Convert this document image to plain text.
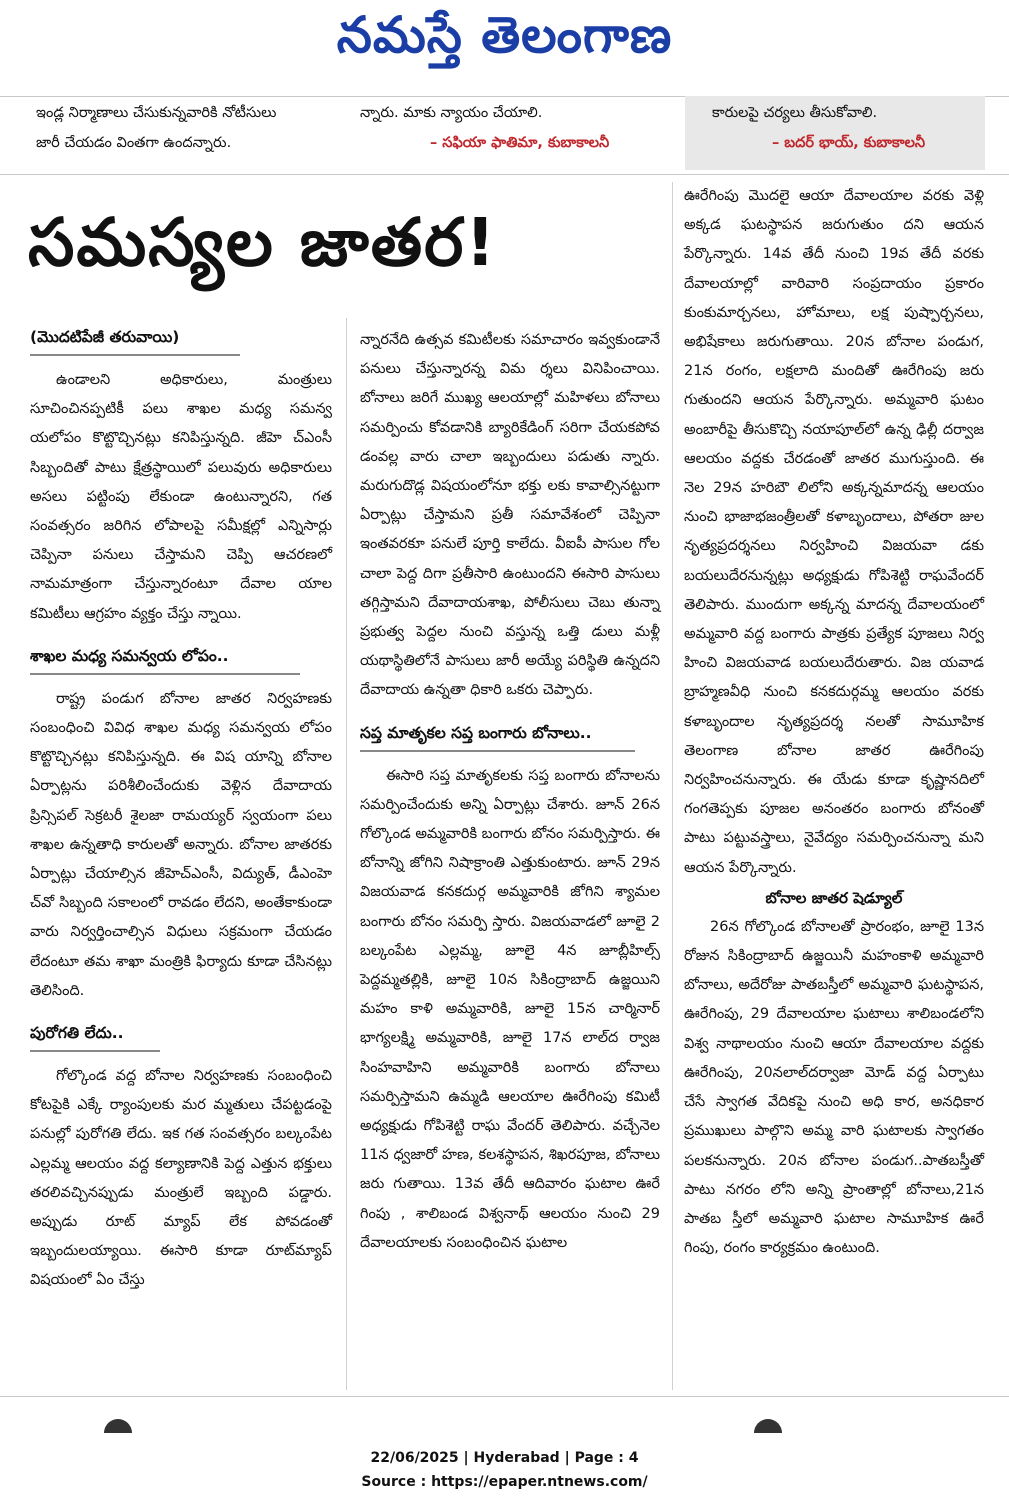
నమస్తే తెలంగాణ
ఇండ్ల నిర్మాణాలు చేసుకున్నవారికి నోటీసులు
జారీ చేయడం వింతగా ఉందన్నారు.
న్నారు. మాకు న్యాయం చేయాలి.
– సఫియా ఫాతిమా, కుబాకాలనీ
కారులపై చర్యలు తీసుకోవాలి.
– బదర్ భాయ్, కుబాకాలనీ
సమస్యల జాతర!
(మొదటిపేజీ తరువాయి)

ఉండాలని అధికారులు, మంత్రులు సూచించినప్పటికీ పలు శాఖల మధ్య సమన్వ యలోపం కొట్టొచ్చినట్లు కనిపిస్తున్నది. జీహె చ్ఎంసీ సిబ్బందితో పాటు క్షేత్రస్థాయిలో పలువురు అధికారులు అసలు పట్టింపు లేకుండా ఉంటున్నారని, గత సంవత్సరం జరిగిన లోపాలపై సమీక్షల్లో ఎన్నిసార్లు చెప్పినా పనులు చేస్తామని చెప్పి ఆచరణలో నామమాత్రంగా చేస్తున్నారంటూ దేవాల యాల కమిటీలు ఆగ్రహం వ్యక్తం చేస్తు న్నాయి.

శాఖల మధ్య సమన్వయ లోపం..

రాష్ట్ర పండుగ బోనాల జాతర నిర్వహణకు సంబంధించి వివిధ శాఖల మధ్య సమన్వయ లోపం కొట్టొచ్చినట్లు కనిపిస్తున్నది. ఈ విష యాన్ని బోనాల ఏర్పాట్లను పరిశీలించేందుకు వెళ్లిన దేవాదాయ ప్రిన్సిపల్ సెక్రటరీ శైలజా రామయ్యర్ స్వయంగా పలు శాఖల ఉన్నతాధి కారులతో అన్నారు. బోనాల జాతరకు ఏర్పాట్లు చేయాల్సిన జీహెచ్ఎంసీ, విద్యుత్, డీఎంహె చ్‌వో సిబ్బంది సకాలంలో రావడం లేదని, అంతేకాకుండా వారు నిర్వర్తించాల్సిన విధులు సక్రమంగా చేయడం లేదంటూ తమ శాఖా మంత్రికి ఫిర్యాదు కూడా చేసినట్లు తెలిసింది.

పురోగతి లేదు..

గోల్కొండ వద్ద బోనాల నిర్వహణకు సంబంధించి కోటపైకి ఎక్కే ర్యాంపులకు మర మ్మతులు చేపట్టడంపై పనుల్లో పురోగతి లేదు. ఇక గత సంవత్సరం బల్కంపేట ఎల్లమ్మ ఆలయం వద్ద కల్యాణానికి పెద్ద ఎత్తున భక్తులు తరలివచ్చినప్పుడు మంత్రులే ఇబ్బంది పడ్డారు. అప్పుడు రూట్ మ్యాప్ లేక పోవడంతో ఇబ్బందులయ్యాయి. ఈసారి కూడా రూట్‌మ్యాప్ విషయంలో ఏం చేస్తు

న్నారనేది ఉత్సవ కమిటీలకు సమాచారం ఇవ్వకుండానే పనులు చేస్తున్నారన్న విమ ర్శలు వినిపించాయి. బోనాలు జరిగే ముఖ్య ఆలయాల్లో మహిళలు బోనాలు సమర్పించు కోవడానికి బ్యారికేడింగ్ సరిగా చేయకపోవ డంవల్ల వారు చాలా ఇబ్బందులు పడుతు న్నారు. మరుగుదొడ్ల విషయంలోనూ భక్తు లకు కావాల్సినట్టుగా ఏర్పాట్లు చేస్తామని ప్రతీ సమావేశంలో చెప్పినా ఇంతవరకూ పనులే పూర్తి కాలేదు. వీఐపీ పాసుల గోల చాలా పెద్ద దిగా ప్రతీసారి ఉంటుందని ఈసారి పాసులు తగ్గిస్తామని దేవాదాయశాఖ, పోలీసులు చెబు తున్నా ప్రభుత్వ పెద్దల నుంచి వస్తున్న ఒత్తి డులు మళ్లీ యథాస్థితిలోనే పాసులు జారీ అయ్యే పరిస్థితి ఉన్నదని దేవాదాయ ఉన్నతా ధికారి ఒకరు చెప్పారు.

సప్త మాతృకల సప్త బంగారు బోనాలు..

ఈసారి సప్త మాతృకలకు సప్త బంగారు బోనాలను సమర్పించేందుకు అన్ని ఏర్పాట్లు చేశారు. జూన్ 26న గోల్కొండ అమ్మవారికి బంగారు బోనం సమర్పిస్తారు. ఈ బోనాన్ని జోగిని నిషాక్రాంతి ఎత్తుకుంటారు. జూన్ 29న విజయవాడ కనకదుర్గ అమ్మవారికి జోగిని శ్యామల బంగారు బోనం సమర్పి స్తారు. విజయవాడలో జూలై 2 బల్కంపేట ఎల్లమ్మ, జూలై 4న జూబ్లీహిల్స్ పెద్దమ్మతల్లికి, జూలై 10న సికింద్రాబాద్ ఉజ్జయిని మహం కాళి అమ్మవారికి, జూలై 15న చార్మినార్ భాగ్యలక్ష్మి అమ్మవారికి, జూలై 17న లాల్‌ద ర్వాజ సింహవాహిని అమ్మవారికి బంగారు బోనాలు సమర్పిస్తామని ఉమ్మడి ఆలయాల ఊరేగింపు కమిటీ అధ్యక్షుడు గోపిశెట్టి రాఘ వేందర్ తెలిపారు. వచ్చేనెల 11న ధ్వజారో హణ, కలశస్థాపన, శిఖరపూజ, బోనాలు జరు గుతాయి. 13వ తేదీ ఆదివారం ఘటాల ఊరే గింపు , శాలిబండ విశ్వనాథ్ ఆలయం నుంచి 29 దేవాలయాలకు సంబంధించిన ఘటాల

ఊరేగింపు మొదలై ఆయా దేవాలయాల వరకు వెళ్లి అక్కడ ఘటస్థాపన జరుగుతుం దని ఆయన పేర్కొన్నారు. 14వ తేదీ నుంచి 19వ తేదీ వరకు దేవాలయాల్లో వారివారి సంప్రదాయం ప్రకారం కుంకుమార్చనలు, హోమాలు, లక్ష పుష్పార్చనలు, అభిషేకాలు జరుగుతాయి. 20న బోనాల పండుగ, 21న రంగం, లక్షలాది మందితో ఊరేగింపు జరు గుతుందని ఆయన పేర్కొన్నారు. అమ్మవారి ఘటం అంబారీపై తీసుకొచ్చి నయాపూల్‌లో ఉన్న ఢిల్లీ దర్వాజ ఆలయం వద్దకు చేరడంతో జాతర ముగుస్తుంది. ఈ నెల 29న హరిబౌ లిలోని అక్కన్నమాదన్న ఆలయం నుంచి భాజాభజంత్రీలతో కళాబృందాలు, పోతరా జుల నృత్యప్రదర్శనలు నిర్వహించి విజయవా డకు బయలుదేరనున్నట్లు అధ్యక్షుడు గోపిశెట్టి రాఘవేందర్ తెలిపారు. ముందుగా అక్కన్న మాదన్న దేవాలయంలో అమ్మవారి వద్ద బంగారు పాత్రకు ప్రత్యేక పూజలు నిర్వ హించి విజయవాడ బయలుదేరుతారు. విజ యవాడ బ్రాహ్మణవీధి నుంచి కనకదుర్గమ్మ ఆలయం వరకు కళాబృందాల నృత్యప్రదర్శ నలతో సామూహిక తెలంగాణ బోనాల జాతర ఊరేగింపు నిర్వహించనున్నారు. ఈ యేడు కూడా కృష్ణానదిలో గంగతెప్పకు పూజల అనంతరం బంగారు బోనంతో పాటు పట్టువస్త్రాలు, నైవేద్యం సమర్పించనున్నా మని ఆయన పేర్కొన్నారు.

బోనాల జాతర షెడ్యూల్

26న గోల్కొండ బోనాలతో ప్రారంభం, జూలై 13న రోజున సికింద్రాబాద్ ఉజ్జయినీ మహంకాళి అమ్మవారి బోనాలు, అదేరోజు పాతబస్తీలో అమ్మవారి ఘటస్థాపన, ఊరేగింపు, 29 దేవాలయాల ఘటాలు శాలిబండలోని విశ్వ నాథాలయం నుంచి ఆయా దేవాలయాల వద్దకు ఊరేగింపు, 20నలాల్‌దర్వాజా మోడ్ వద్ద ఏర్పాటు చేసే స్వాగత వేదికపై నుంచి అధి కార, అనధికార ప్రముఖులు పాల్గొని అమ్మ వారి ఘటాలకు స్వాగతం పలకనున్నారు. 20న బోనాల పండుగ..పాతబస్తీతో పాటు నగరం లోని అన్ని ప్రాంతాల్లో బోనాలు,21న పాతబ స్తీలో అమ్మవారి ఘటాల సామూహిక ఊరే గింపు, రంగం కార్యక్రమం ఉంటుంది.

22/06/2025 | Hyderabad | Page : 4
Source : https://epaper.ntnews.com/
